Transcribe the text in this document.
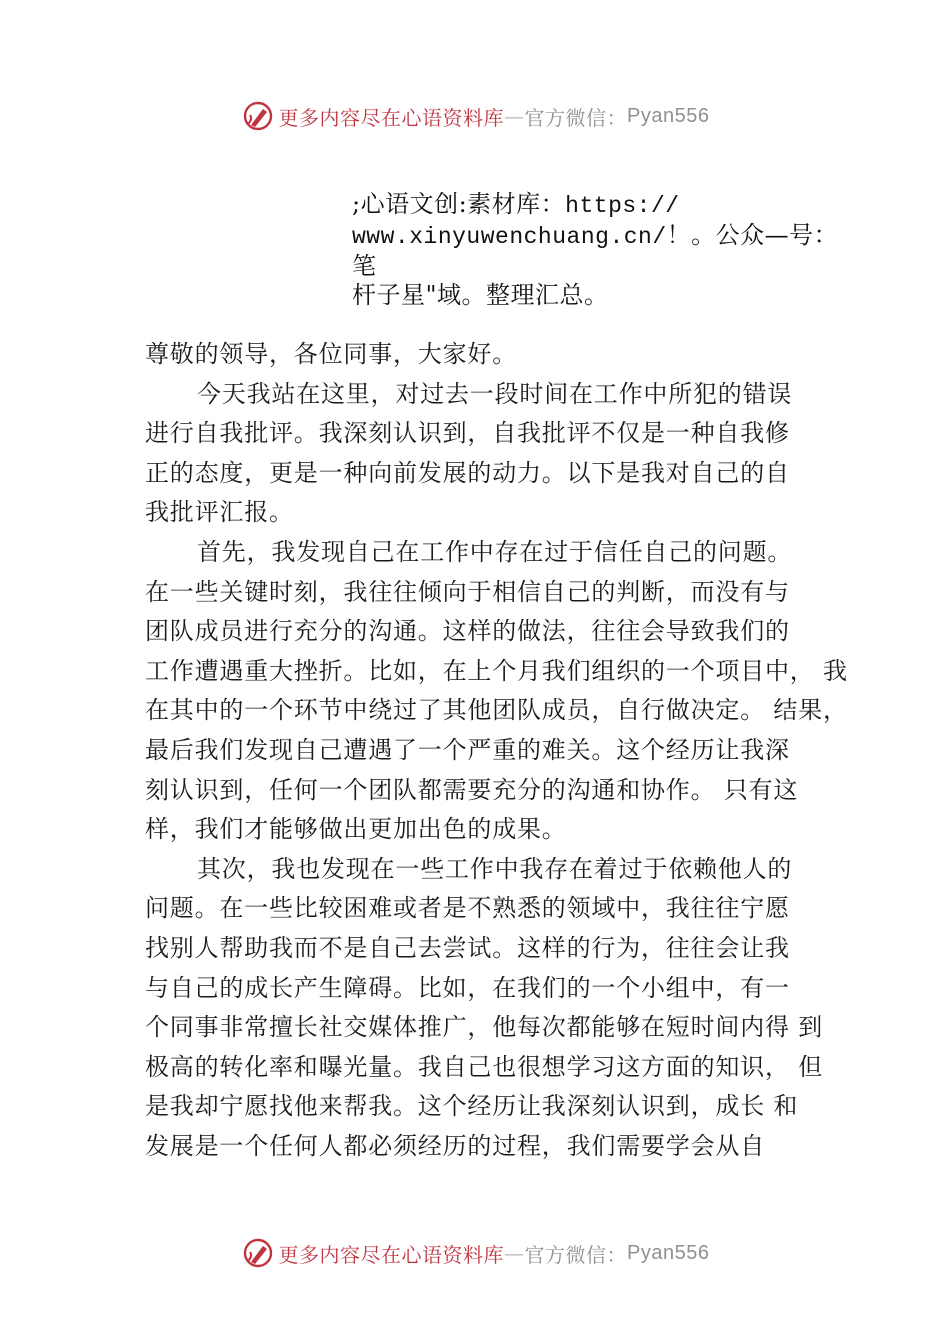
更多内容尽在心语资料库 — 官方微信： Pyan556
;心语文创:素材库：https://
www.xinyuwenchuang.cn/！。公众—号：笔
杆子星"域。整理汇总。
尊敬的领导，各位同事，大家好。
今天我站在这里，对过去一段时间在工作中所犯的错误
进行自我批评。我深刻认识到，自我批评不仅是一种自我修
正的态度，更是一种向前发展的动力。以下是我对自己的自
我批评汇报。
首先，我发现自己在工作中存在过于信任自己的问题。
在一些关键时刻，我往往倾向于相信自己的判断，而没有与
团队成员进行充分的沟通。这样的做法，往往会导致我们的
工作遭遇重大挫折。比如，在上个月我们组织的一个项目中， 我
在其中的一个环节中绕过了其他团队成员，自行做决定。 结果，
最后我们发现自己遭遇了一个严重的难关。这个经历让我深
刻认识到，任何一个团队都需要充分的沟通和协作。 只有这
样，我们才能够做出更加出色的成果。
其次，我也发现在一些工作中我存在着过于依赖他人的
问题。在一些比较困难或者是不熟悉的领域中，我往往宁愿
找别人帮助我而不是自己去尝试。这样的行为，往往会让我
与自己的成长产生障碍。比如，在我们的一个小组中，有一
个同事非常擅长社交媒体推广，他每次都能够在短时间内得 到
极高的转化率和曝光量。我自己也很想学习这方面的知识， 但
是我却宁愿找他来帮我。这个经历让我深刻认识到，成长 和
发展是一个任何人都必须经历的过程，我们需要学会从自
更多内容尽在心语资料库 — 官方微信： Pyan556
